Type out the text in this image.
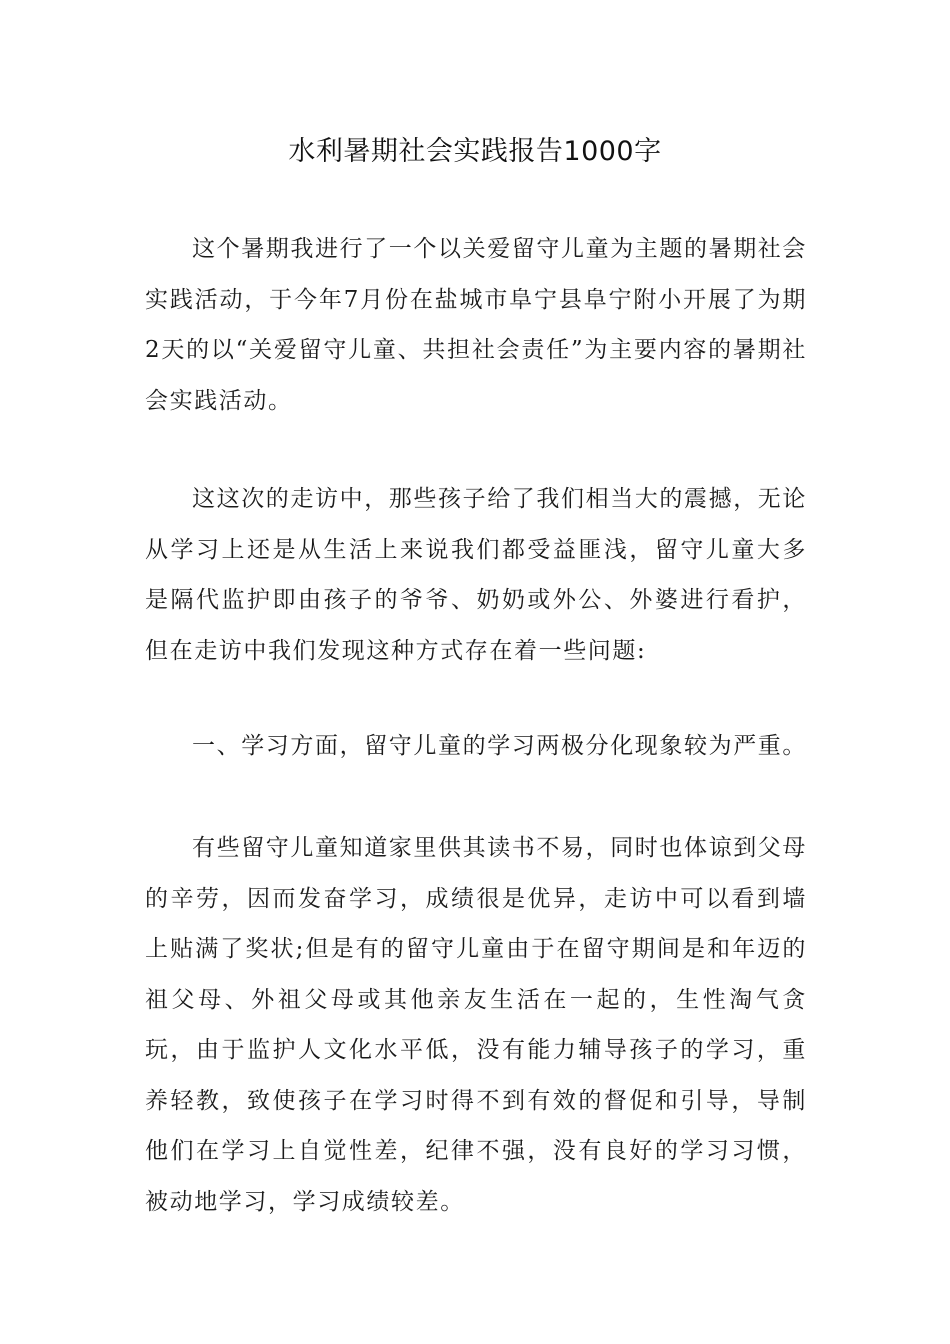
水利暑期社会实践报告1000字

这个暑期我进行了一个以关爱留守儿童为主题的暑期社会实践活动，于今年7月份在盐城市阜宁县阜宁附小开展了为期2天的以“关爱留守儿童、共担社会责任”为主要内容的暑期社会实践活动。

这这次的走访中，那些孩子给了我们相当大的震撼，无论从学习上还是从生活上来说我们都受益匪浅，留守儿童大多是隔代监护即由孩子的爷爷、奶奶或外公、外婆进行看护，但在走访中我们发现这种方式存在着一些问题:

一、学习方面，留守儿童的学习两极分化现象较为严重。

有些留守儿童知道家里供其读书不易，同时也体谅到父母的辛劳，因而发奋学习，成绩很是优异，走访中可以看到墙上贴满了奖状;但是有的留守儿童由于在留守期间是和年迈的祖父母、外祖父母或其他亲友生活在一起的，生性淘气贪玩，由于监护人文化水平低，没有能力辅导孩子的学习，重养轻教，致使孩子在学习时得不到有效的督促和引导，导制他们在学习上自觉性差，纪律不强，没有良好的学习习惯，被动地学习，学习成绩较差。
